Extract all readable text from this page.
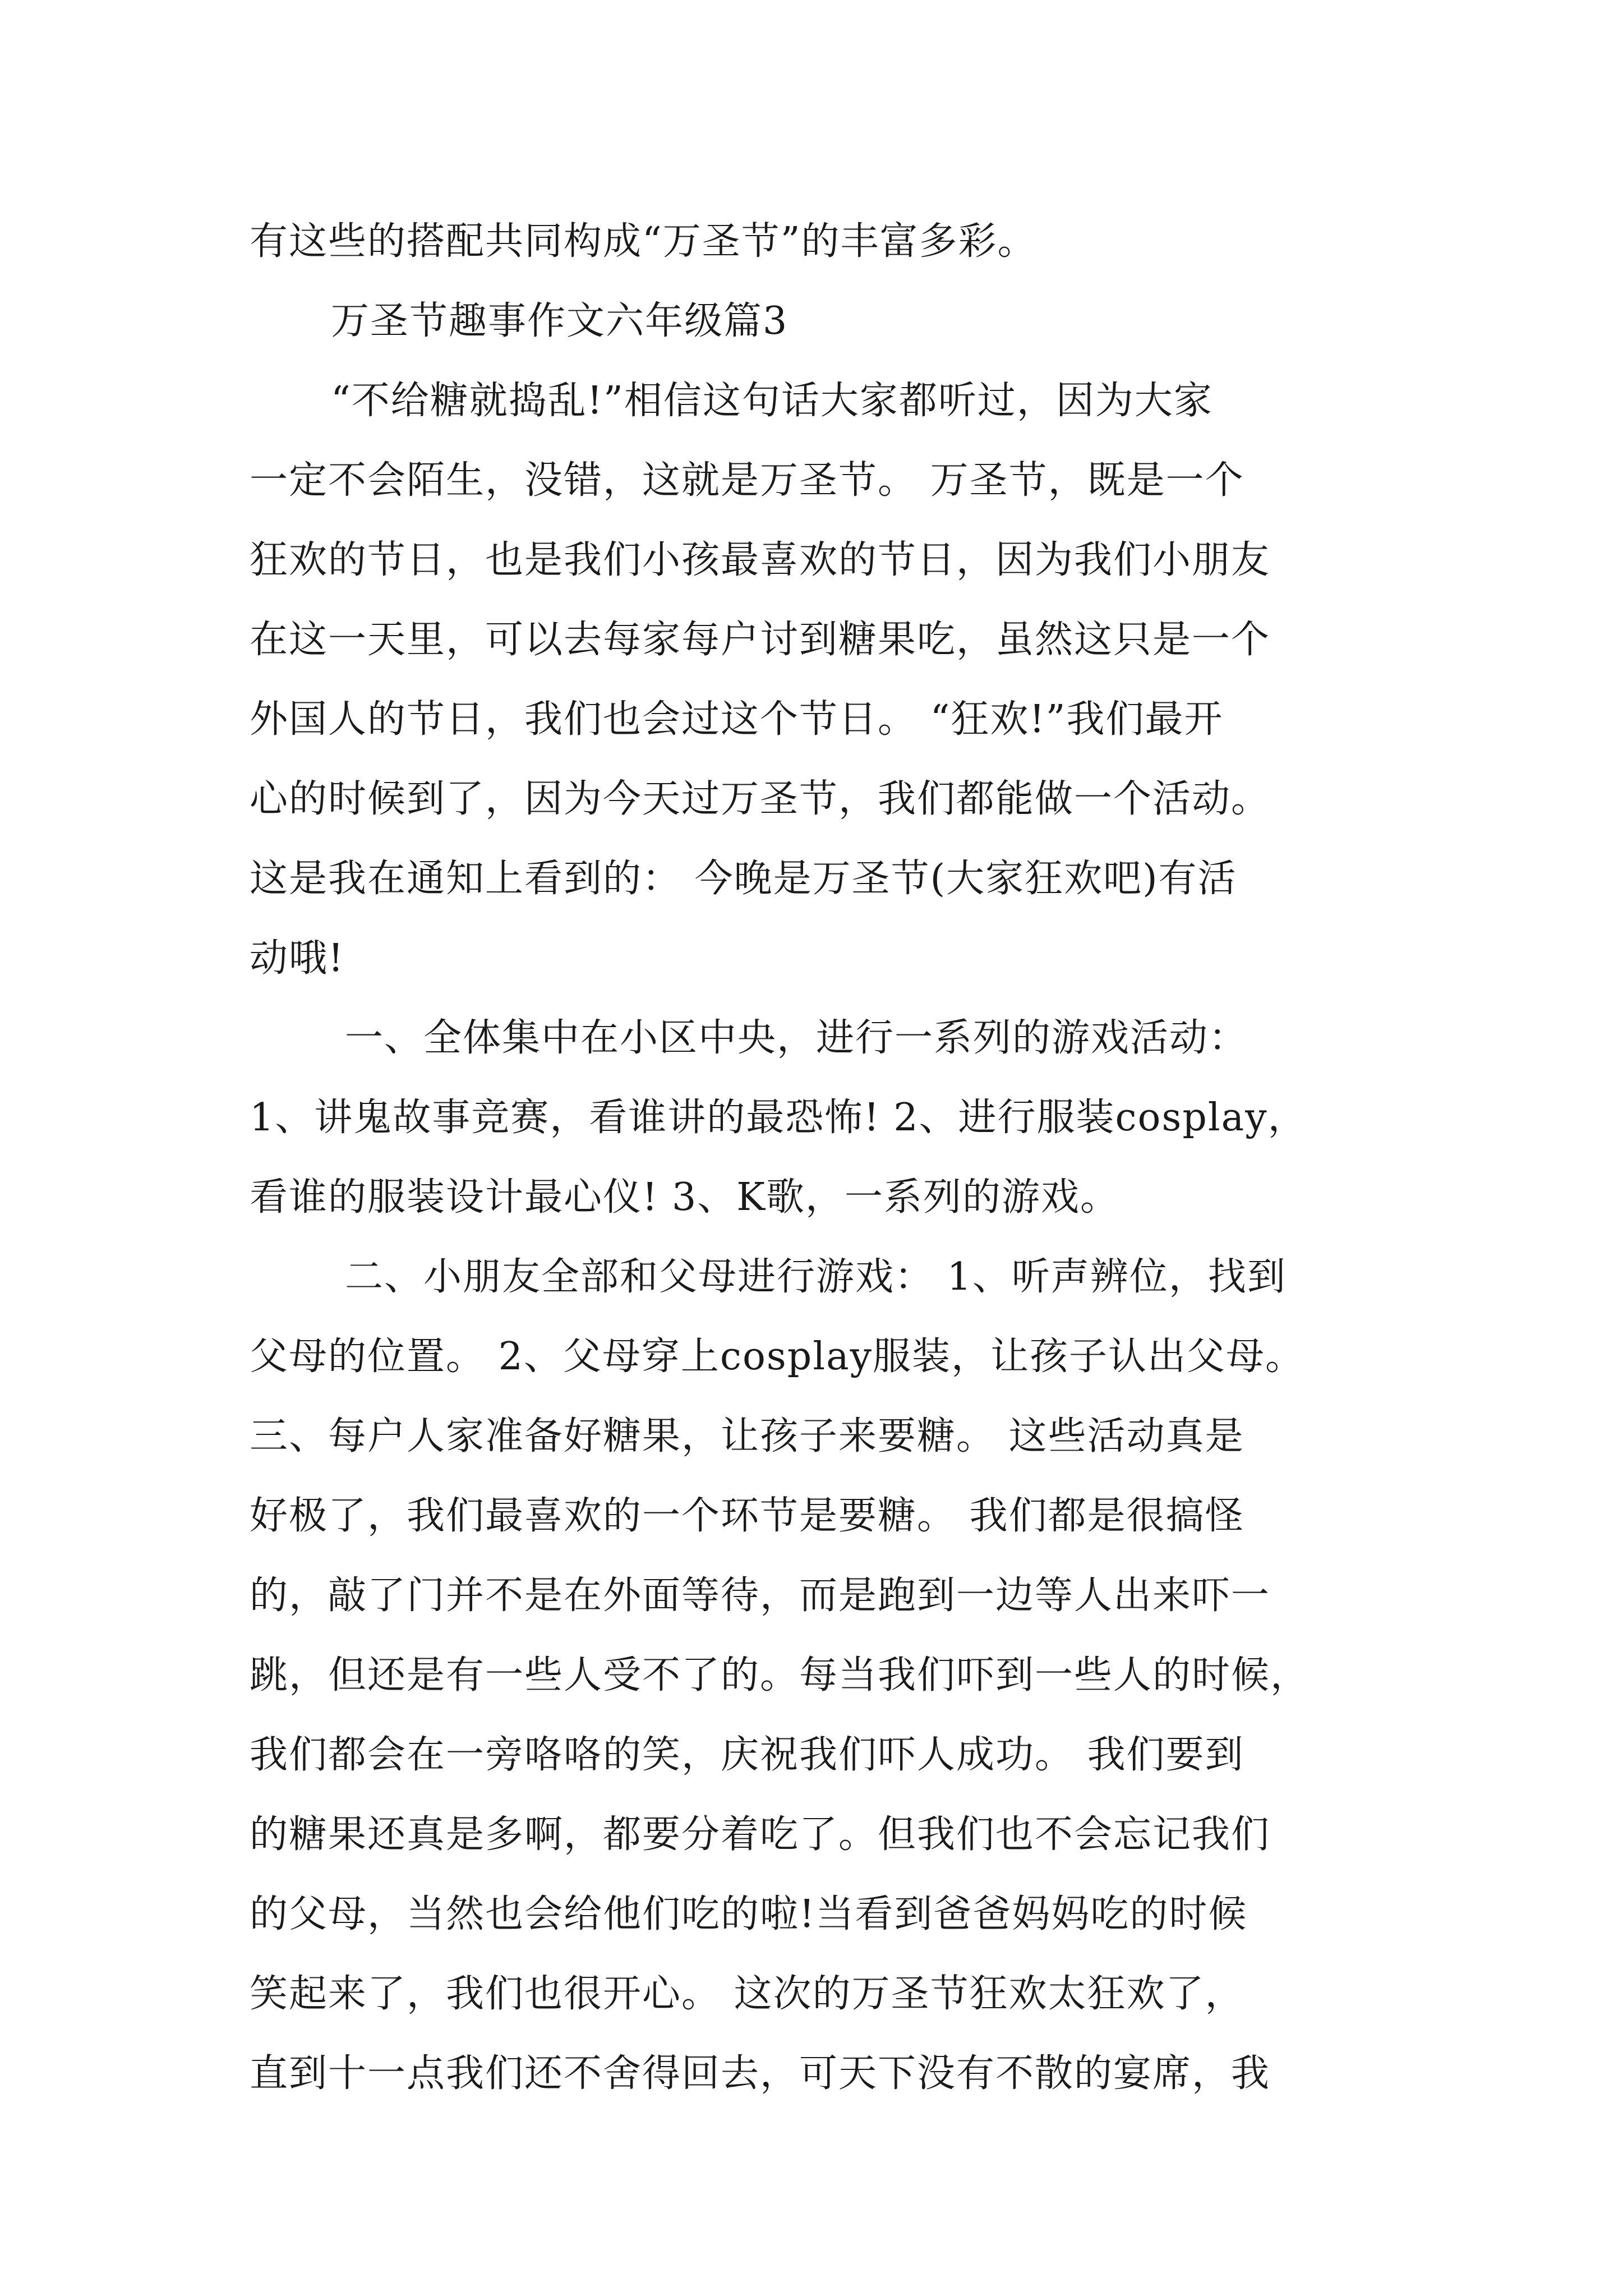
有这些的搭配共同构成“万圣节”的丰富多彩。
万圣节趣事作文六年级篇3
“不给糖就捣乱!”相信这句话大家都听过，因为大家
一定不会陌生，没错，这就是万圣节。 万圣节，既是一个
狂欢的节日，也是我们小孩最喜欢的节日，因为我们小朋友
在这一天里，可以去每家每户讨到糖果吃，虽然这只是一个
外国人的节日，我们也会过这个节日。 “狂欢!”我们最开
心的时候到了，因为今天过万圣节，我们都能做一个活动。
这是我在通知上看到的： 今晚是万圣节(大家狂欢吧)有活
动哦!
一、全体集中在小区中央，进行一系列的游戏活动：
1、讲鬼故事竞赛，看谁讲的最恐怖! 2、进行服装cosplay，
看谁的服装设计最心仪! 3、K歌，一系列的游戏。
二、小朋友全部和父母进行游戏： 1、听声辨位，找到
父母的位置。 2、父母穿上cosplay服装，让孩子认出父母。
三、每户人家准备好糖果，让孩子来要糖。 这些活动真是
好极了，我们最喜欢的一个环节是要糖。 我们都是很搞怪
的，敲了门并不是在外面等待，而是跑到一边等人出来吓一
跳，但还是有一些人受不了的。每当我们吓到一些人的时候，
我们都会在一旁咯咯的笑，庆祝我们吓人成功。 我们要到
的糖果还真是多啊，都要分着吃了。但我们也不会忘记我们
的父母，当然也会给他们吃的啦!当看到爸爸妈妈吃的时候
笑起来了，我们也很开心。 这次的万圣节狂欢太狂欢了，
直到十一点我们还不舍得回去，可天下没有不散的宴席，我
